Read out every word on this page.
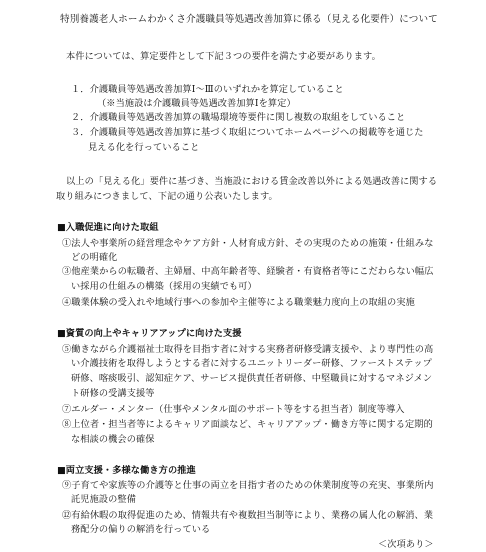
特別養護老人ホームわかくさ介護職員等処遇改善加算に係る（見える化要件）について
本件については、算定要件として下記３つの要件を満たす必要があります。
１．介護職員等処遇改善加算Ⅰ～Ⅲのいずれかを算定していること
（※当施設は介護職員等処遇改善加算Ⅰを算定）
２．介護職員等処遇改善加算の職場環境等要件に関し複数の取組をしていること
３．介護職員等処遇改善加算に基づく取組についてホームページへの掲載等を通じた
見える化を行っていること
以上の「見える化」要件に基づき、当施設における賃金改善以外による処遇改善に関する
取り組みにつきまして、下記の通り公表いたします。
■入職促進に向けた取組
①法人や事業所の経営理念やケア方針・人材育成方針、その実現のための施策・仕組みな
どの明確化
③他産業からの転職者、主婦層、中高年齢者等、経験者・有資格者等にこだわらない幅広
い採用の仕組みの構築（採用の実績でも可）
④職業体験の受入れや地域行事への参加や主催等による職業魅力度向上の取組の実施
■資質の向上やキャリアアップに向けた支援
⑤働きながら介護福祉士取得を目指す者に対する実務者研修受講支援や、より専門性の高
い介護技術を取得しようとする者に対するユニットリーダー研修、ファーストステップ
研修、喀痰吸引、認知症ケア、サービス提供責任者研修、中堅職員に対するマネジメン
ト研修の受講支援等
⑦エルダー・メンター（仕事やメンタル面のサポート等をする担当者）制度等導入
⑧上位者・担当者等によるキャリア面談など、キャリアアップ・働き方等に関する定期的
な相談の機会の確保
■両立支援・多様な働き方の推進
⑨子育てや家族等の介護等と仕事の両立を目指す者のための休業制度等の充実、事業所内
託児施設の整備
⑫有給休暇の取得促進のため、情報共有や複数担当制等により、業務の属人化の解消、業
務配分の偏りの解消を行っている
＜次項あり＞
